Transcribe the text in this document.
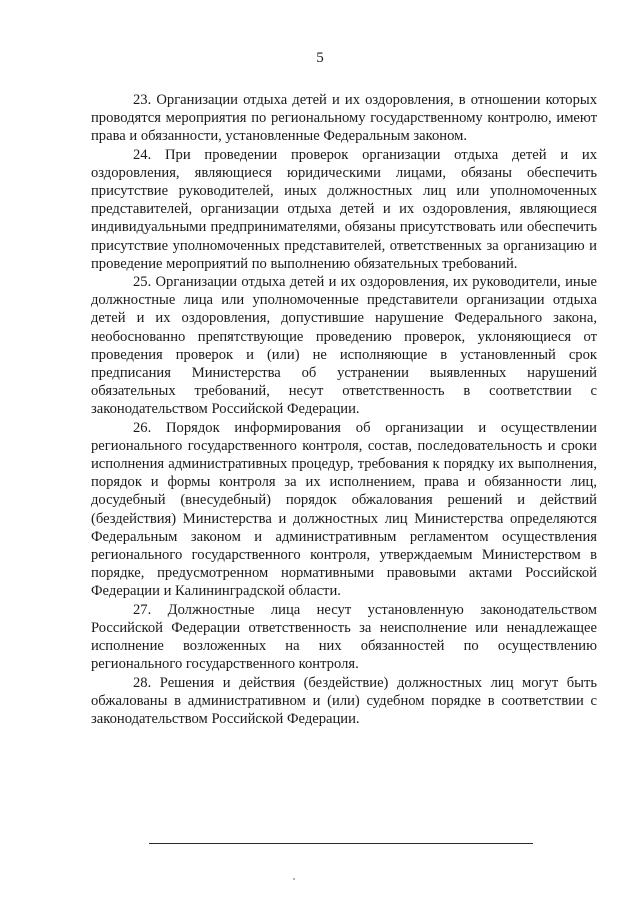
5

23. Организации отдыха детей и их оздоровления, в отношении которых проводятся мероприятия по региональному государственному контролю, имеют права и обязанности, установленные Федеральным законом.

24. При проведении проверок организации отдыха детей и их оздоровления, являющиеся юридическими лицами, обязаны обеспечить присутствие руководителей, иных должностных лиц или уполномоченных представителей, организации отдыха детей и их оздоровления, являющиеся индивидуальными предпринимателями, обязаны присутствовать или обеспечить присутствие уполномоченных представителей, ответственных за организацию и проведение мероприятий по выполнению обязательных требований.

25. Организации отдыха детей и их оздоровления, их руководители, иные должностные лица или уполномоченные представители организации отдыха детей и их оздоровления, допустившие нарушение Федерального закона, необоснованно препятствующие проведению проверок, уклоняющиеся от проведения проверок и (или) не исполняющие в установленный срок предписания Министерства об устранении выявленных нарушений обязательных требований, несут ответственность в соответствии с законодательством Российской Федерации.

26. Порядок информирования об организации и осуществлении регионального государственного контроля, состав, последовательность и сроки исполнения административных процедур, требования к порядку их выполнения, порядок и формы контроля за их исполнением, права и обязанности лиц, досудебный (внесудебный) порядок обжалования решений и действий (бездействия) Министерства и должностных лиц Министерства определяются Федеральным законом и административным регламентом осуществления регионального государственного контроля, утверждаемым Министерством в порядке, предусмотренном нормативными правовыми актами Российской Федерации и Калининградской области.

27. Должностные лица несут установленную законодательством Российской Федерации ответственность за неисполнение или ненадлежащее исполнение возложенных на них обязанностей по осуществлению регионального государственного контроля.

28. Решения и действия (бездействие) должностных лиц могут быть обжалованы в административном и (или) судебном порядке в соответствии с законодательством Российской Федерации.
